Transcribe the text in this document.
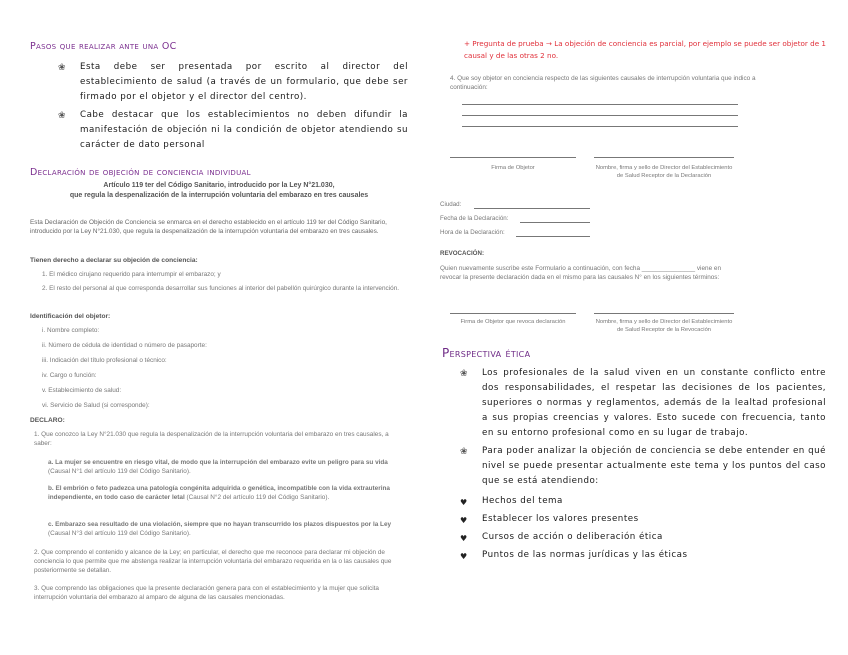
Pasos que realizar ante una OC
❀	Esta debe ser presentada por escrito al director del establecimiento de salud (a través de un formulario, que debe ser firmado por el objetor y el director del centro).
❀	Cabe destacar que los establecimientos no deben difundir la manifestación de objeción ni la condición de objetor atendiendo su carácter de dato personal
Declaración de objeción de conciencia individual
Artículo 119 ter del Código Sanitario, introducido por la Ley N°21.030,
que regula la despenalización de la interrupción voluntaria del embarazo en tres causales
Esta Declaración de Objeción de Conciencia se enmarca en el derecho establecido en el artículo 119 ter del Código Sanitario, introducido por la Ley N°21.030, que regula la despenalización de la interrupción voluntaria del embarazo en tres causales.
Tienen derecho a declarar su objeción de conciencia:
1. El médico cirujano requerido para interrumpir el embarazo; y
2. El resto del personal al que corresponda desarrollar sus funciones al interior del pabellón quirúrgico durante la intervención.
Identificación del objetor:
i. Nombre completo:
ii. Número de cédula de identidad o número de pasaporte:
iii. Indicación del título profesional o técnico:
iv. Cargo o función:
v. Establecimiento de salud:
vi. Servicio de Salud (si corresponde):
DECLARO:
1. Que conozco la Ley N°21.030 que regula la despenalización de la interrupción voluntaria del embarazo en tres causales, a saber:
a. La mujer se encuentre en riesgo vital, de modo que la interrupción del embarazo evite un peligro para su vida (Causal N°1 del artículo 119 del Código Sanitario).
b. El embrión o feto padezca una patología congénita adquirida o genética, incompatible con la vida extrauterina independiente, en todo caso de carácter letal (Causal N°2 del artículo 119 del Código Sanitario).
c. Embarazo sea resultado de una violación, siempre que no hayan transcurrido los plazos dispuestos por la Ley (Causal N°3 del artículo 119 del Código Sanitario).
2. Que comprendo el contenido y alcance de la Ley; en particular, el derecho que me reconoce para declarar mi objeción de conciencia lo que permite que me abstenga realizar la interrupción voluntaria del embarazo requerida en la o las causales que posteriormente se detallan.
3. Que comprendo las obligaciones que la presente declaración genera para con el establecimiento y la mujer que solicita interrupción voluntaria del embarazo al amparo de alguna de las causales mencionadas.
+ Pregunta de prueba → La objeción de conciencia es parcial, por ejemplo se puede ser objetor de 1 causal y de las otras 2 no.
4. Que soy objetor en conciencia respecto de las siguientes causales de interrupción voluntaria que indico a continuación:
Firma de Objetor	Nombre, firma y sello de Director del Establecimiento de Salud Receptor de la Declaración
Ciudad:
Fecha de la Declaración:
Hora de la Declaración:
REVOCACIÓN:
Quien nuevamente suscribe este Formulario a continuación, con fecha _______________ viene en revocar la presente declaración dada en el mismo para las causales N° en los siguientes términos:
Firma de Objetor que revoca declaración	Nombre, firma y sello de Director del Establecimiento de Salud Receptor de la Revocación
Perspectiva ética
❀	Los profesionales de la salud viven en un constante conflicto entre dos responsabilidades, el respetar las decisiones de los pacientes, superiores o normas y reglamentos, además de la lealtad profesional a sus propias creencias y valores. Esto sucede con frecuencia, tanto en su entorno profesional como en su lugar de trabajo.
❀	Para poder analizar la objeción de conciencia se debe entender en qué nivel se puede presentar actualmente este tema y los puntos del caso que se está atendiendo:
♥	Hechos del tema
♥	Establecer los valores presentes
♥	Cursos de acción o deliberación ética
♥	Puntos de las normas jurídicas y las éticas
